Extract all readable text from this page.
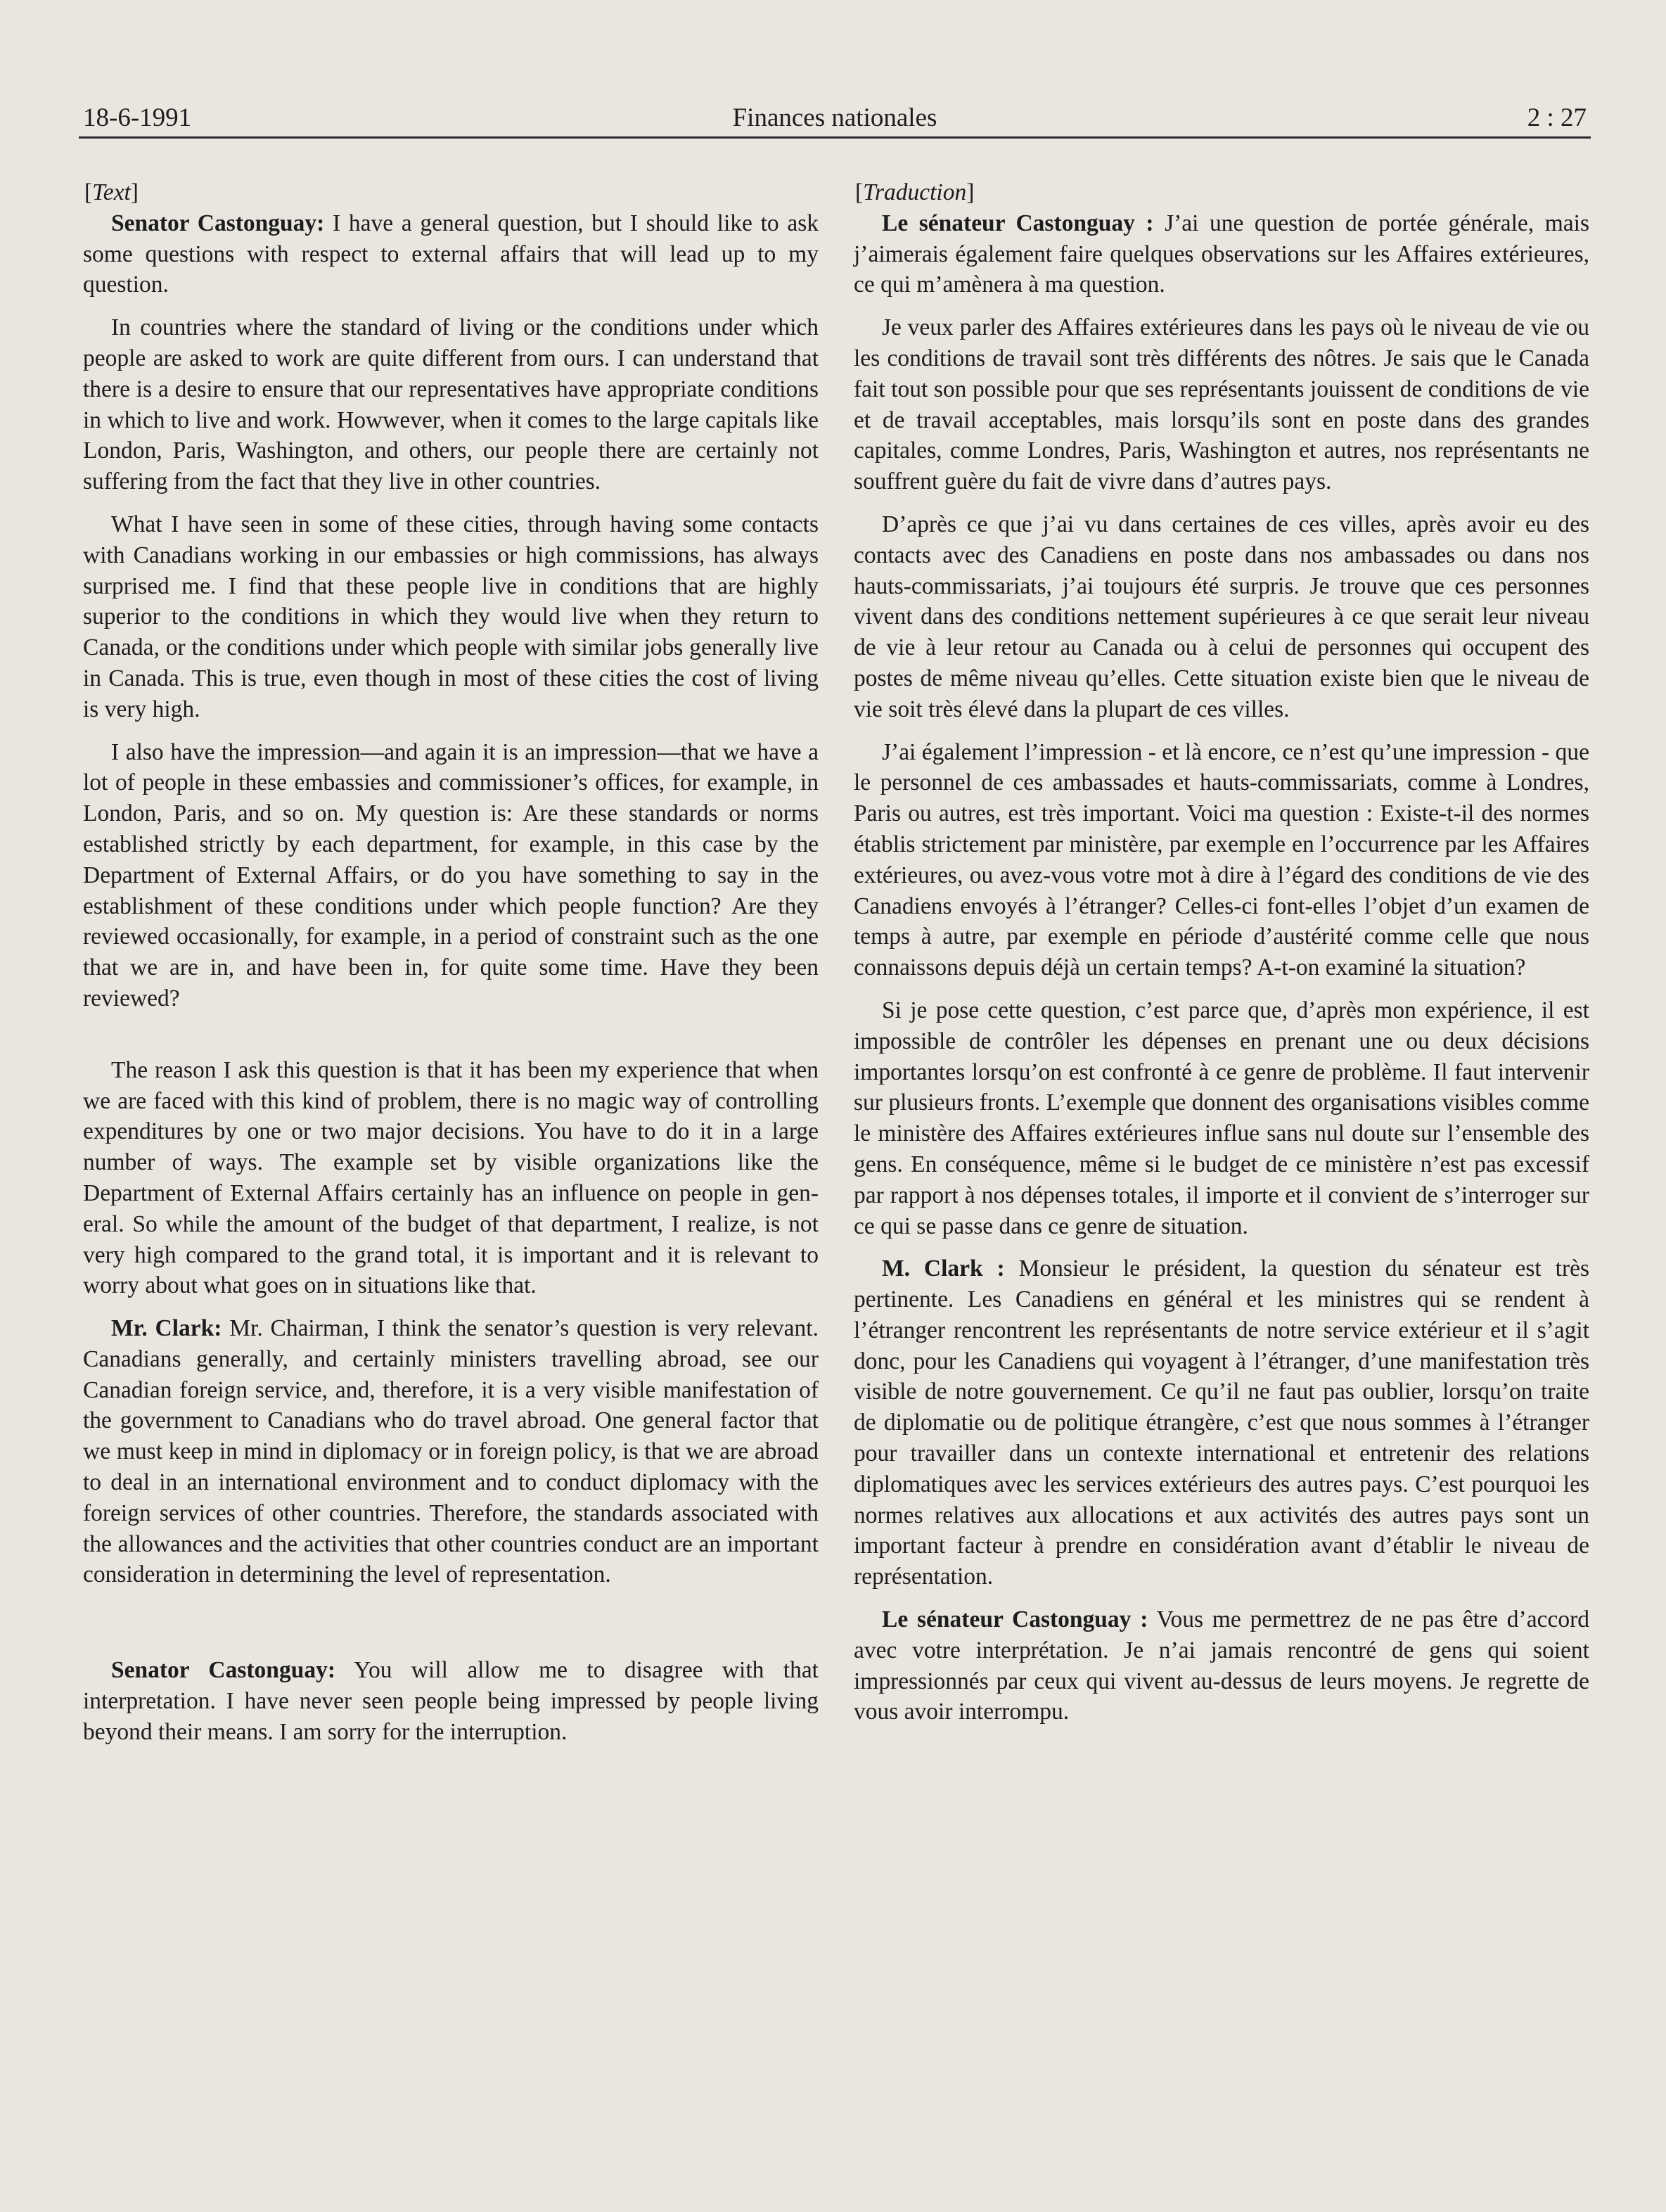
18-6-1991	Finances nationales	2 : 27

[Text]

Senator Castonguay: I have a general question, but I should like to ask some questions with respect to external affairs that will lead up to my question.

In countries where the standard of living or the conditions under which people are asked to work are quite different from ours. I can understand that there is a desire to ensure that our representatives have appropriate conditions in which to live and work. Howwever, when it comes to the large capitals like London, Paris, Washington, and others, our people there are certainly not suffering from the fact that they live in other countries.

What I have seen in some of these cities, through having some contacts with Canadians working in our embassies or high commissions, has always surprised me. I find that these people live in conditions that are highly superior to the conditions in which they would live when they return to Canada, or the conditions under which people with similar jobs generally live in Canada. This is true, even though in most of these cities the cost of living is very high.

I also have the impression—and again it is an impression—that we have a lot of people in these embassies and commissioner’s offices, for example, in London, Paris, and so on. My question is: Are these standards or norms established strictly by each department, for example, in this case by the Department of External Affairs, or do you have something to say in the establishment of these conditions under which people function? Are they reviewed occasionally, for example, in a period of constraint such as the one that we are in, and have been in, for quite some time. Have they been reviewed?

The reason I ask this question is that it has been my experience that when we are faced with this kind of problem, there is no magic way of controlling expenditures by one or two major decisions. You have to do it in a large number of ways. The example set by visible organizations like the Department of External Affairs certainly has an influence on people in general. So while the amount of the budget of that department, I realize, is not very high compared to the grand total, it is important and it is relevant to worry about what goes on in situations like that.

Mr. Clark: Mr. Chairman, I think the senator’s question is very relevant. Canadians generally, and certainly ministers travelling abroad, see our Canadian foreign service, and, therefore, it is a very visible manifestation of the government to Canadians who do travel abroad. One general factor that we must keep in mind in diplomacy or in foreign policy, is that we are abroad to deal in an international environment and to conduct diplomacy with the foreign services of other countries. Therefore, the standards associated with the allowances and the activities that other countries conduct are an important consideration in determining the level of representation.

Senator Castonguay: You will allow me to disagree with that interpretation. I have never seen people being impressed by people living beyond their means. I am sorry for the interruption.

[Traduction]

Le sénateur Castonguay : J’ai une question de portée générale, mais j’aimerais également faire quelques observations sur les Affaires extérieures, ce qui m’amènera à ma question.

Je veux parler des Affaires extérieures dans les pays où le niveau de vie ou les conditions de travail sont très différents des nôtres. Je sais que le Canada fait tout son possible pour que ses représentants jouissent de conditions de vie et de travail acceptables, mais lorsqu’ils sont en poste dans des grandes capitales, comme Londres, Paris, Washington et autres, nos représentants ne souffrent guère du fait de vivre dans d’autres pays.

D’après ce que j’ai vu dans certaines de ces villes, après avoir eu des contacts avec des Canadiens en poste dans nos ambassades ou dans nos hauts-commissariats, j’ai toujours été surpris. Je trouve que ces personnes vivent dans des conditions nettement supérieures à ce que serait leur niveau de vie à leur retour au Canada ou à celui de personnes qui occupent des postes de même niveau qu’elles. Cette situation existe bien que le niveau de vie soit très élevé dans la plupart de ces villes.

J’ai également l’impression - et là encore, ce n’est qu’une impression - que le personnel de ces ambassades et hauts-commissariats, comme à Londres, Paris ou autres, est très important. Voici ma question : Existe-t-il des normes établis strictement par ministère, par exemple en l’occurrence par les Affaires extérieures, ou avez-vous votre mot à dire à l’égard des conditions de vie des Canadiens envoyés à l’étranger? Celles-ci font-elles l’objet d’un examen de temps à autre, par exemple en période d’austérité comme celle que nous connaissons depuis déjà un certain temps? A-t-on examiné la situation?

Si je pose cette question, c’est parce que, d’après mon expérience, il est impossible de contrôler les dépenses en prenant une ou deux décisions importantes lorsqu’on est confronté à ce genre de problème. Il faut intervenir sur plusieurs fronts. L’exemple que donnent des organisations visibles comme le ministère des Affaires extérieures influe sans nul doute sur l’ensemble des gens. En conséquence, même si le budget de ce ministère n’est pas excessif par rapport à nos dépenses totales, il importe et il convient de s’interroger sur ce qui se passe dans ce genre de situation.

M. Clark : Monsieur le président, la question du sénateur est très pertinente. Les Canadiens en général et les ministres qui se rendent à l’étranger rencontrent les représentants de notre service extérieur et il s’agit donc, pour les Canadiens qui voyagent à l’étranger, d’une manifestation très visible de notre gouvernement. Ce qu’il ne faut pas oublier, lorsqu’on traite de diplomatie ou de politique étrangère, c’est que nous sommes à l’étranger pour travailler dans un contexte international et entretenir des relations diplomatiques avec les services extérieurs des autres pays. C’est pourquoi les normes relatives aux allocations et aux activités des autres pays sont un important facteur à prendre en considération avant d’établir le niveau de représentation.

Le sénateur Castonguay : Vous me permettrez de ne pas être d’accord avec votre interprétation. Je n’ai jamais rencontré de gens qui soient impressionnés par ceux qui vivent au-dessus de leurs moyens. Je regrette de vous avoir interrompu.
